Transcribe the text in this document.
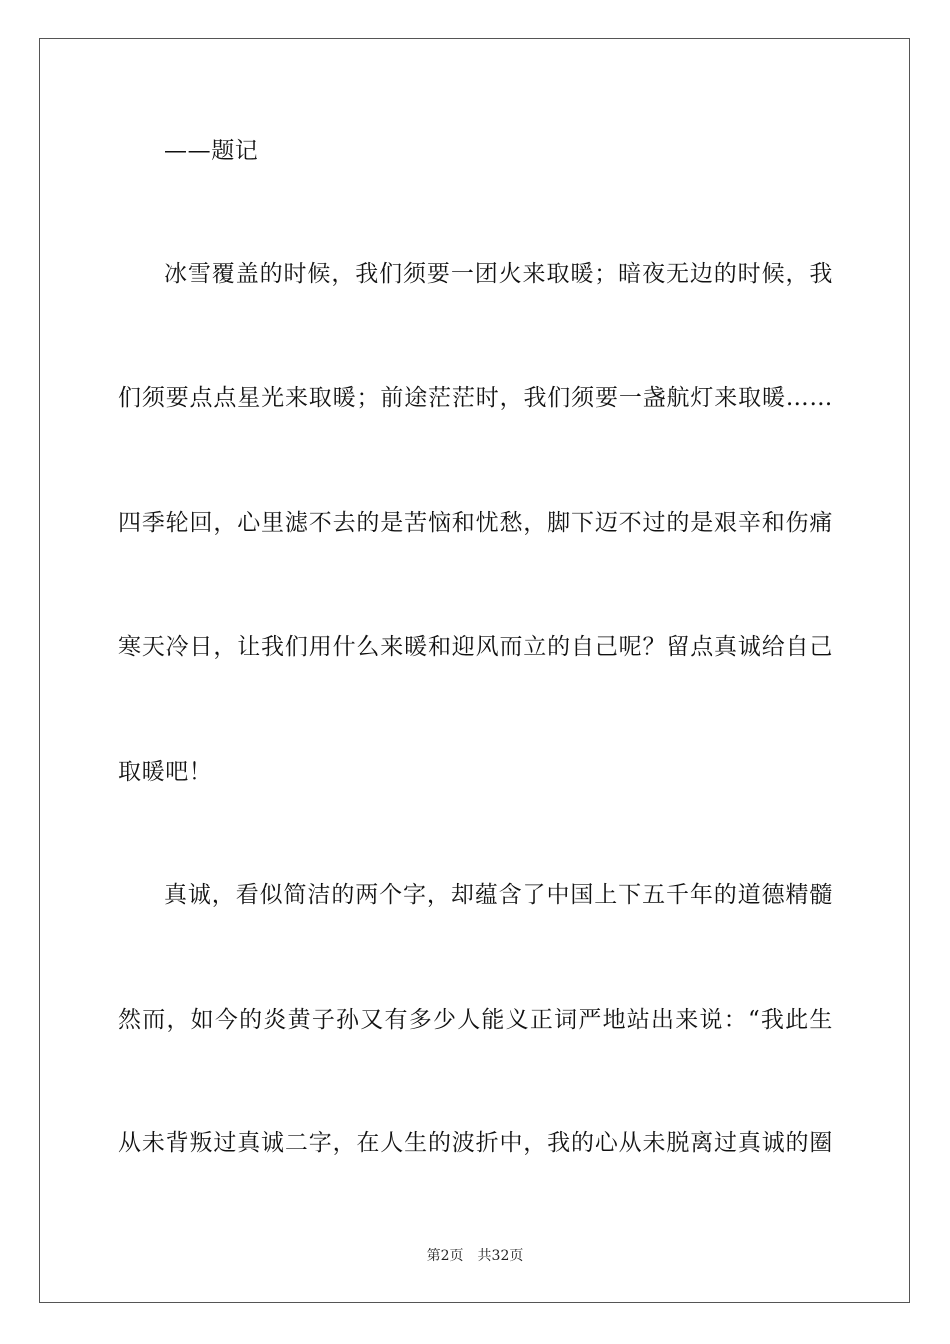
——题记
冰雪覆盖的时候，我们须要一团火来取暖；暗夜无边的时候，我
们须要点点星光来取暖；前途茫茫时，我们须要一盏航灯来取暖……
四季轮回，心里滤不去的是苦恼和忧愁，脚下迈不过的是艰辛和伤痛
寒天冷日，让我们用什么来暖和迎风而立的自己呢？留点真诚给自己
取暖吧！
真诚，看似简洁的两个字，却蕴含了中国上下五千年的道德精髓
然而，如今的炎黄子孙又有多少人能义正词严地站出来说：“我此生
从未背叛过真诚二字，在人生的波折中，我的心从未脱离过真诚的圈
第2页 共32页
